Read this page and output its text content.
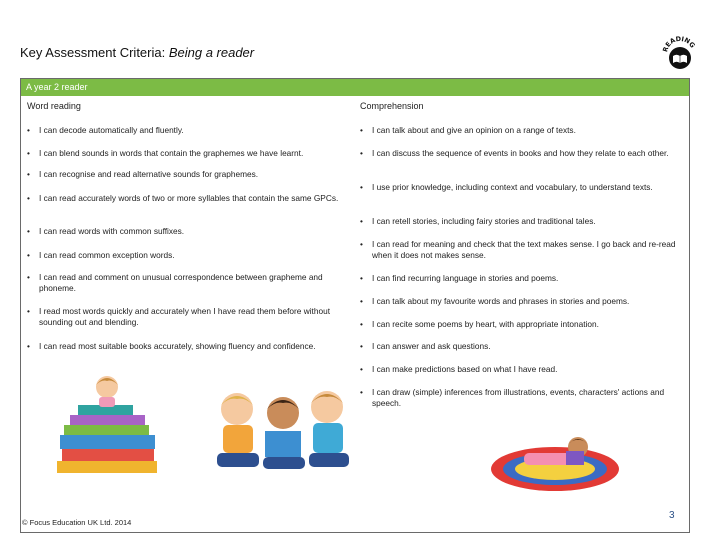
Key Assessment Criteria: Being a reader	READING
A year 2 reader
Word reading	Comprehension
•	I can decode automatically and fluently.
•	I can blend sounds in words that contain the graphemes we have learnt.
•	I can recognise and read alternative sounds for graphemes.
•	I can read accurately words of two or more syllables that contain the same GPCs.
•	I can read words with common suffixes.
•	I can read common exception words.
•	I can read and comment on unusual correspondence between grapheme and phoneme.
•	I read most words quickly and accurately when I have read them before without sounding out and blending.
•	I can read most suitable books accurately, showing fluency and confidence.
•	I can talk about and give an opinion on a range of texts.
•	I can discuss the sequence of events in books and how they relate to each other.
•	I use prior knowledge, including context and vocabulary, to understand texts.
•	I can retell stories, including fairy stories and traditional tales.
•	I can read for meaning and check that the text makes sense. I go back and re-read when it does not makes sense.
•	I can find recurring language in stories and poems.
•	I can talk about my favourite words and phrases in stories and poems.
•	I can recite some poems by heart, with appropriate intonation.
•	I can answer and ask questions.
•	I can make predictions based on what I have read.
•	I can draw (simple) inferences from illustrations, events, characters' actions and speech.
© Focus Education UK Ltd. 2014
3
